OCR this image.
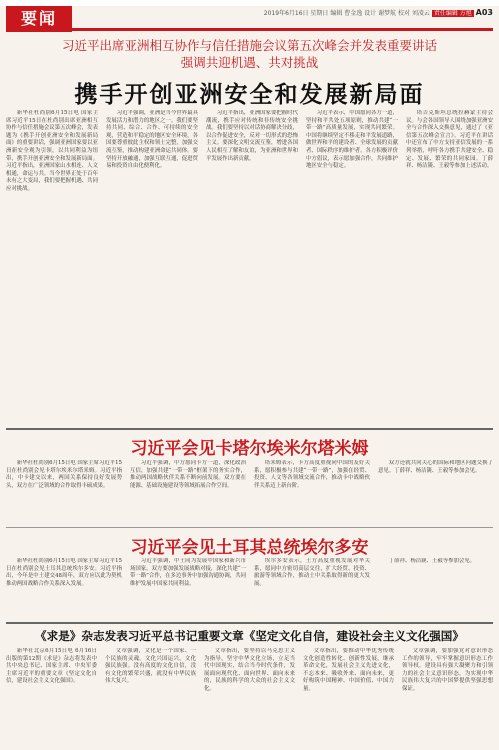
要闻	2019年6月16日 星期日 编辑 曹金逸 设计 谢梦航 校对 刘凌云 责任编辑 方旭 A03
习近平出席亚洲相互协作与信任措施会议第五次峰会并发表重要讲话
强调共迎机遇、共对挑战
携手开创亚洲安全和发展新局面

新华社杜尚别6月15日电 国家主席习近平15日在杜尚别出席亚洲相互协作与信任措施会议第五次峰会，发表题为《携手开创亚洲安全和发展新局面》的重要讲话，强调亚洲国家要以亚洲新安全观为引领，以共同利益为纽带，携手开创亚洲安全和发展新局面。 习近平指出，亚洲国家山水相连、人文相通，命运与共。当今世界正处于百年未有之大变局，我们要把握机遇、共同应对挑战。

习近平强调，亚洲是当今世界最具发展活力和潜力的地区之一。我们要坚持共同、综合、合作、可持续的安全观，营造和平稳定的地区安全环境。各国要尊重彼此主权和领土完整，加强交流互鉴，推动构建亚洲命运共同体。要坚持开放融通，加强互联互通，促进贸易和投资自由化便利化。

习近平指出，亚洲国家要把握时代潮流，携手应对传统和非传统安全挑战。我们要坚持以对话协商解决分歧，以合作促进安全，反对一切形式的恐怖主义。要深化文明交流互鉴，增进各国人民相互了解和友谊，为亚洲和世界和平发展作出新贡献。

习近平表示，中国愿同各方一道，坚持和平共处五项原则，推动共建“一带一路”高质量发展，实现共同繁荣。中国将继续坚定不移走和平发展道路，做世界和平的建设者、全球发展的贡献者、国际秩序的维护者。各方积极评价中方倡议，表示愿加强合作，共同维护地区安全与稳定。

塔吉克斯坦总统拉赫蒙主持会议。与会各国领导人围绕加强亚洲安全与合作深入交换意见，通过了《亚信第五次峰会宣言》。习近平在讲话中还宣布了中方支持亚信发展的一系列举措，呼吁各方携手共建安全、稳定、发展、繁荣的共同家园。丁薛祥、杨洁篪、王毅等参加上述活动。

习近平会见卡塔尔埃米尔塔米姆

新华社杜尚别6月15日电 国家主席习近平15日在杜尚别会见卡塔尔埃米尔塔米姆。习近平指出，中卡建交以来，两国关系保持良好发展势头，双方在广泛领域的合作取得丰硕成果。

习近平强调，中方愿同卡方一道，深化政治互信，加强共建“一带一路”框架下的务实合作，推动两国战略伙伴关系不断向前发展。双方要在能源、基础设施建设等领域拓展合作空间。

塔米姆表示，卡方高度重视同中国的友好关系，愿积极参与共建“一带一路”，加强在经贸、投资、人文等各领域交流合作，推动卡中战略伙伴关系迈上新台阶。

双方还就共同关心的国际和地区问题交换了意见。丁薛祥、杨洁篪、王毅等参加会见。

习近平会见土耳其总统埃尔多安

新华社杜尚别6月15日电 国家主席习近平15日在杜尚别会见土耳其总统埃尔多安。习近平指出，今年是中土建交48周年，双方应以此为契机推动两国战略合作关系深入发展。

习近平强调，中土同为发展中国家和新兴市场国家，双方要加强发展战略对接，深化共建“一带一路”合作，在多边事务中加强沟通协调，共同维护发展中国家共同利益。

埃尔多安表示，土方高度重视发展对华关系，愿同中方密切高层交往，扩大经贸、投资、旅游等领域合作，推动土中关系取得新的更大发展。

丁薛祥、杨洁篪、王毅等参加会见。

《求是》杂志发表习近平总书记重要文章《坚定文化自信，建设社会主义文化强国》

新华社北京6月15日电 6月16日出版的第12期《求是》杂志将发表中共中央总书记、国家主席、中央军委主席习近平的重要文章《坚定文化自信，建设社会主义文化强国》。

文章强调，文化是一个国家、一个民族的灵魂。文化兴国运兴，文化强民族强。没有高度的文化自信，没有文化的繁荣兴盛，就没有中华民族伟大复兴。

文章指出，要坚持以马克思主义为指导，坚守中华文化立场，立足当代中国现实，结合当今时代条件，发展面向现代化、面向世界、面向未来的，民族的科学的大众的社会主义文化。

文章指出，要推动中华优秀传统文化创造性转化、创新性发展，继承革命文化，发展社会主义先进文化，不忘本来、吸收外来、面向未来，更好构筑中国精神、中国价值、中国力量。

文章强调，要加强党对意识形态工作的领导，牢牢掌握意识形态工作领导权，建设具有强大凝聚力和引领力的社会主义意识形态，为实现中华民族伟大复兴的中国梦提供坚强思想保证。
